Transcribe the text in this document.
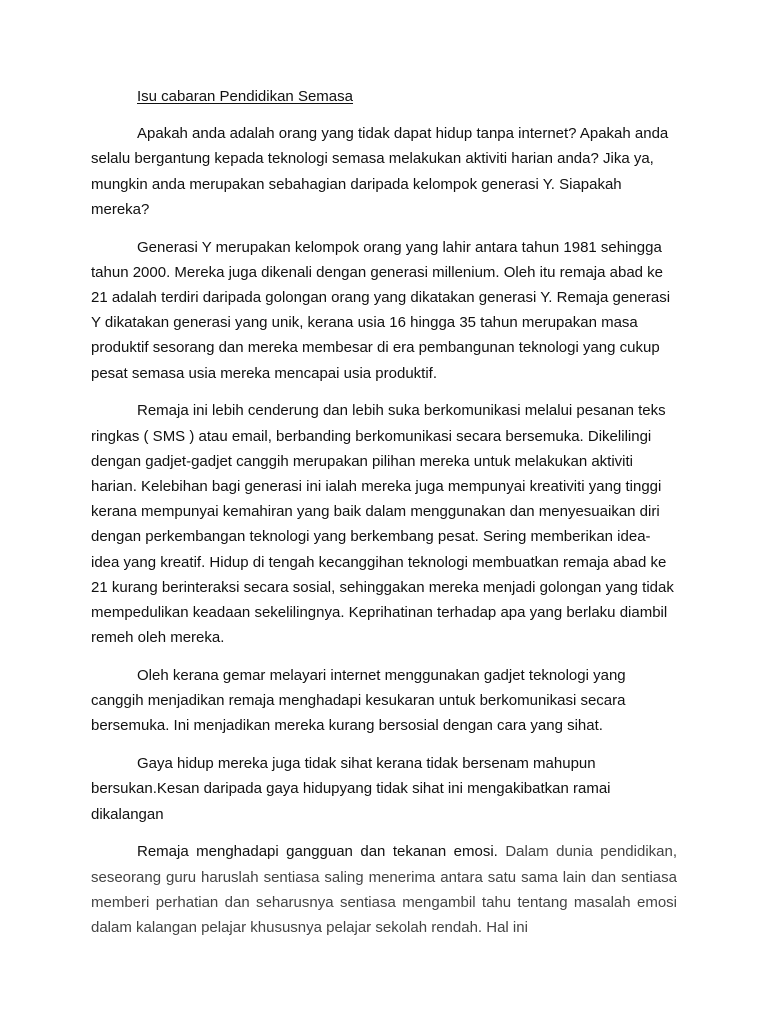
Isu cabaran Pendidikan Semasa

Apakah anda adalah orang yang tidak dapat hidup tanpa internet? Apakah anda selalu bergantung kepada teknologi semasa melakukan aktiviti harian anda? Jika ya, mungkin anda merupakan sebahagian daripada kelompok generasi Y. Siapakah mereka?

Generasi Y merupakan kelompok orang yang lahir antara tahun 1981 sehingga tahun 2000. Mereka juga dikenali dengan generasi millenium. Oleh itu remaja abad ke 21 adalah terdiri daripada golongan orang yang dikatakan generasi Y. Remaja generasi Y dikatakan generasi yang unik, kerana usia 16 hingga 35 tahun merupakan masa produktif sesorang dan mereka membesar di era pembangunan teknologi yang cukup pesat semasa usia mereka mencapai usia produktif.

Remaja ini lebih cenderung dan lebih suka berkomunikasi melalui pesanan teks ringkas ( SMS ) atau email, berbanding berkomunikasi secara bersemuka. Dikelilingi dengan gadjet-gadjet canggih merupakan pilihan mereka untuk melakukan aktiviti harian. Kelebihan bagi generasi ini ialah mereka juga mempunyai kreativiti yang tinggi kerana mempunyai kemahiran yang baik dalam menggunakan dan menyesuaikan diri dengan perkembangan teknologi yang berkembang pesat. Sering memberikan idea-idea yang kreatif. Hidup di tengah kecanggihan teknologi membuatkan remaja abad ke 21 kurang berinteraksi secara sosial, sehinggakan mereka menjadi golongan yang tidak mempedulikan keadaan sekelilingnya. Keprihatinan terhadap apa yang berlaku diambil remeh oleh mereka.

Oleh kerana gemar melayari internet menggunakan gadjet teknologi yang canggih menjadikan remaja menghadapi kesukaran untuk berkomunikasi secara bersemuka. Ini menjadikan mereka kurang bersosial dengan cara yang sihat.

Gaya hidup mereka juga tidak sihat kerana tidak bersenam mahupun bersukan.Kesan daripada gaya hidupyang tidak sihat ini mengakibatkan ramai dikalangan

Remaja menghadapi gangguan dan tekanan emosi. Dalam dunia pendidikan, seseorang guru haruslah sentiasa saling menerima antara satu sama lain dan sentiasa memberi perhatian dan seharusnya sentiasa mengambil tahu tentang masalah emosi dalam kalangan pelajar khususnya pelajar sekolah rendah. Hal ini
